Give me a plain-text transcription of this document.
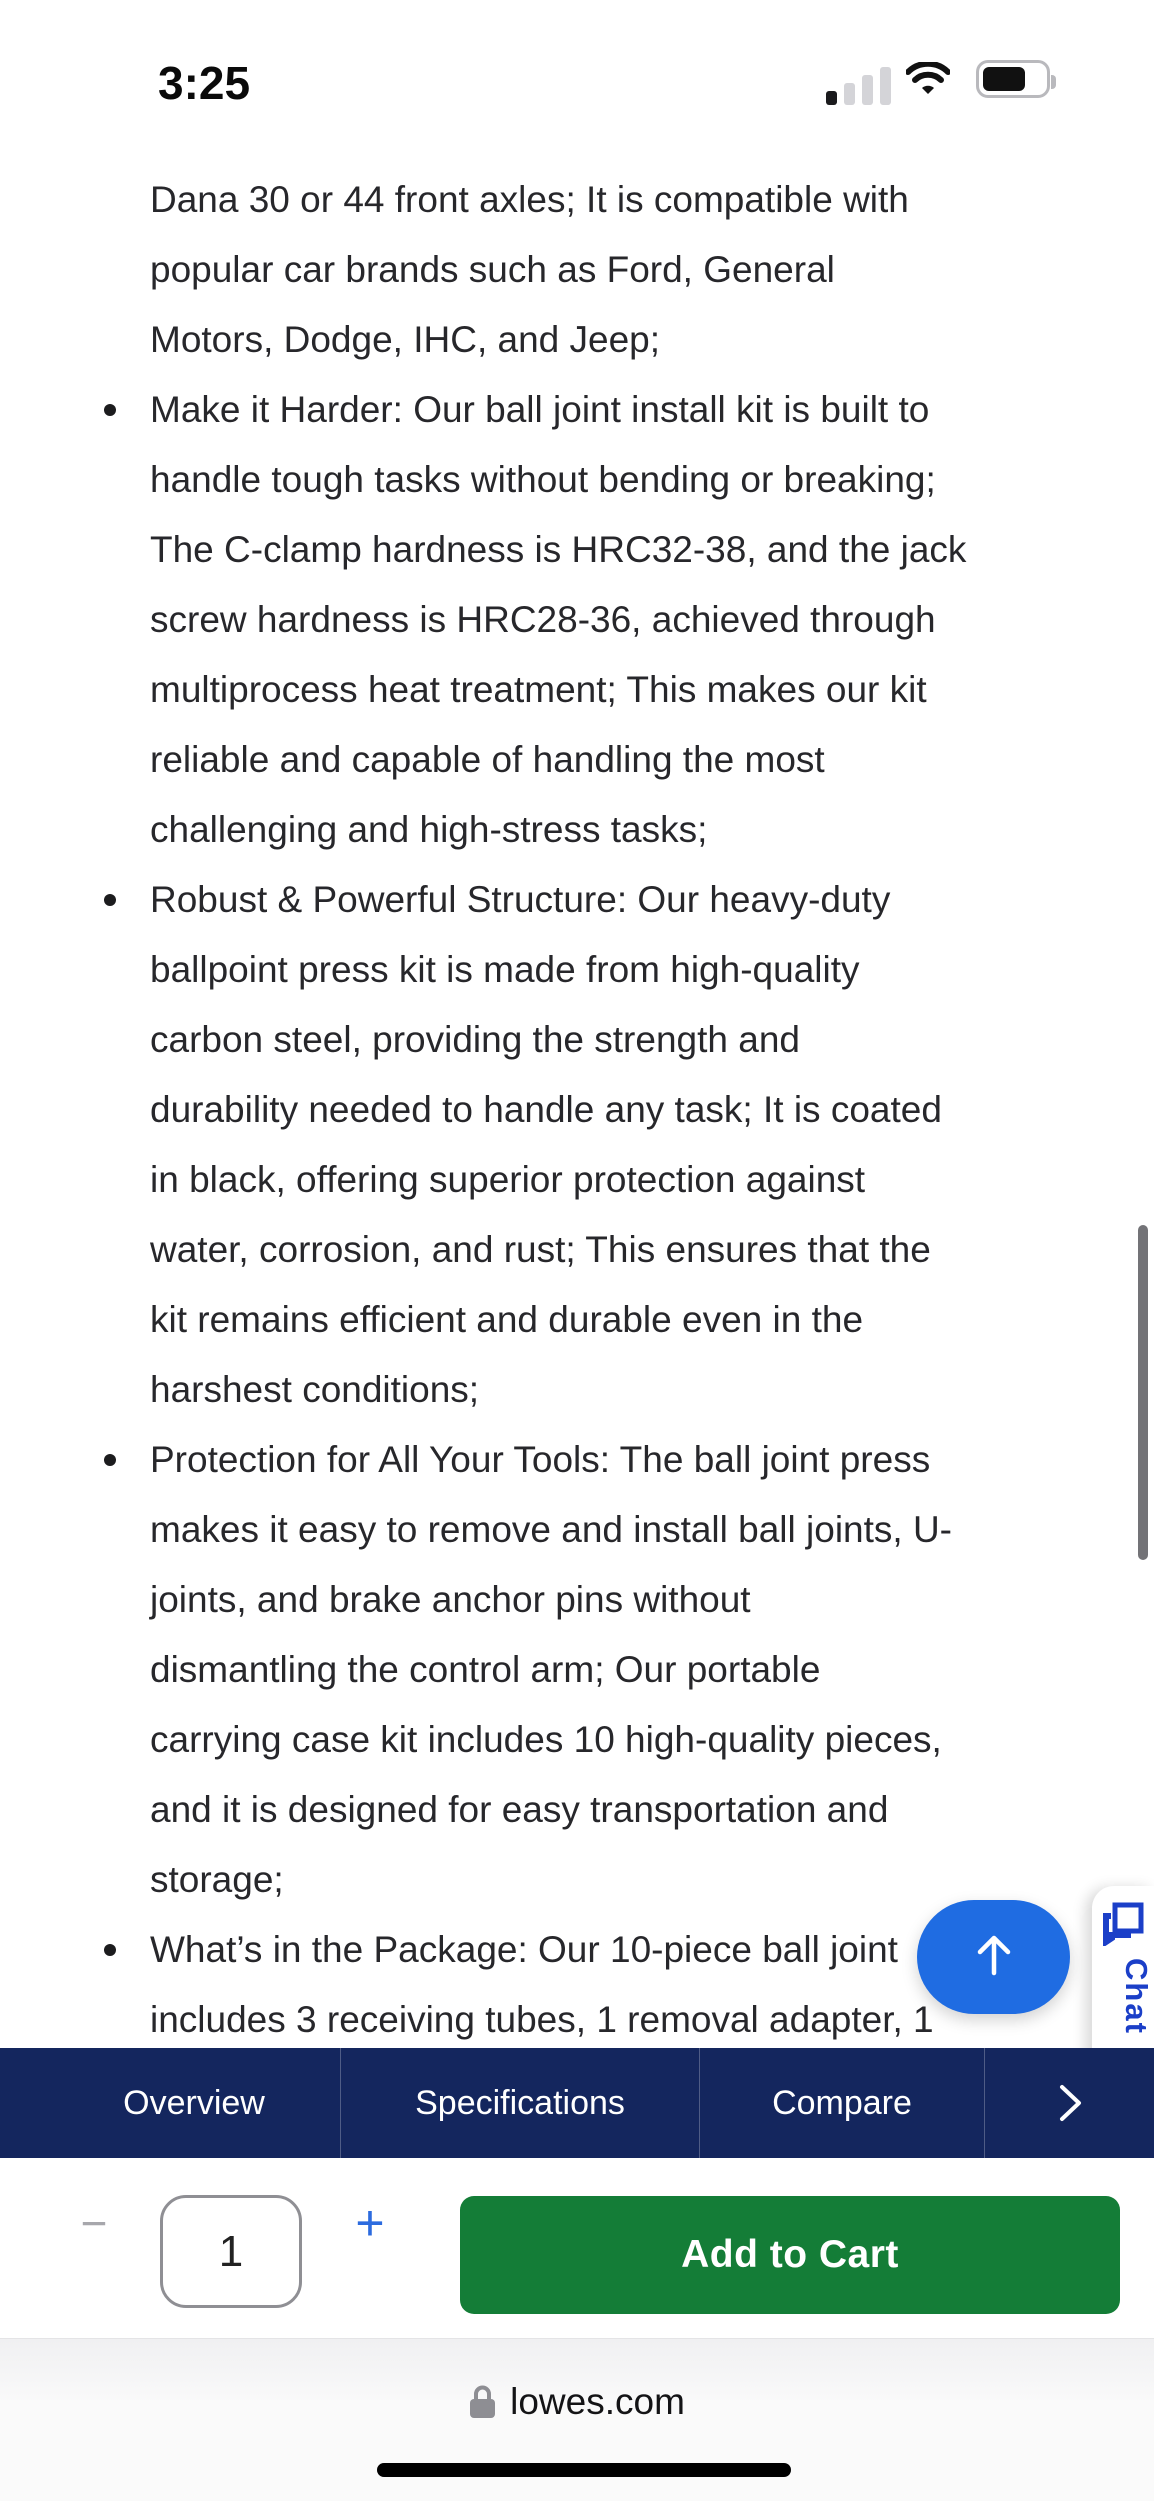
3:25
Dana 30 or 44 front axles; It is compatible with
popular car brands such as Ford, General
Motors, Dodge, IHC, and Jeep;
Make it Harder: Our ball joint install kit is built to
handle tough tasks without bending or breaking;
The C-clamp hardness is HRC32-38, and the jack
screw hardness is HRC28-36, achieved through
multiprocess heat treatment; This makes our kit
reliable and capable of handling the most
challenging and high-stress tasks;
Robust & Powerful Structure: Our heavy-duty
ballpoint press kit is made from high-quality
carbon steel, providing the strength and
durability needed to handle any task; It is coated
in black, offering superior protection against
water, corrosion, and rust; This ensures that the
kit remains efficient and durable even in the
harshest conditions;
Protection for All Your Tools: The ball joint press
makes it easy to remove and install ball joints, U-
joints, and brake anchor pins without
dismantling the control arm; Our portable
carrying case kit includes 10 high-quality pieces,
and it is designed for easy transportation and
storage;
What’s in the Package: Our 10-piece ball joint
includes 3 receiving tubes, 1 removal adapter, 1	Chat
Overview	Specifications	Compare
−
1	+
Add to Cart
lowes.com
